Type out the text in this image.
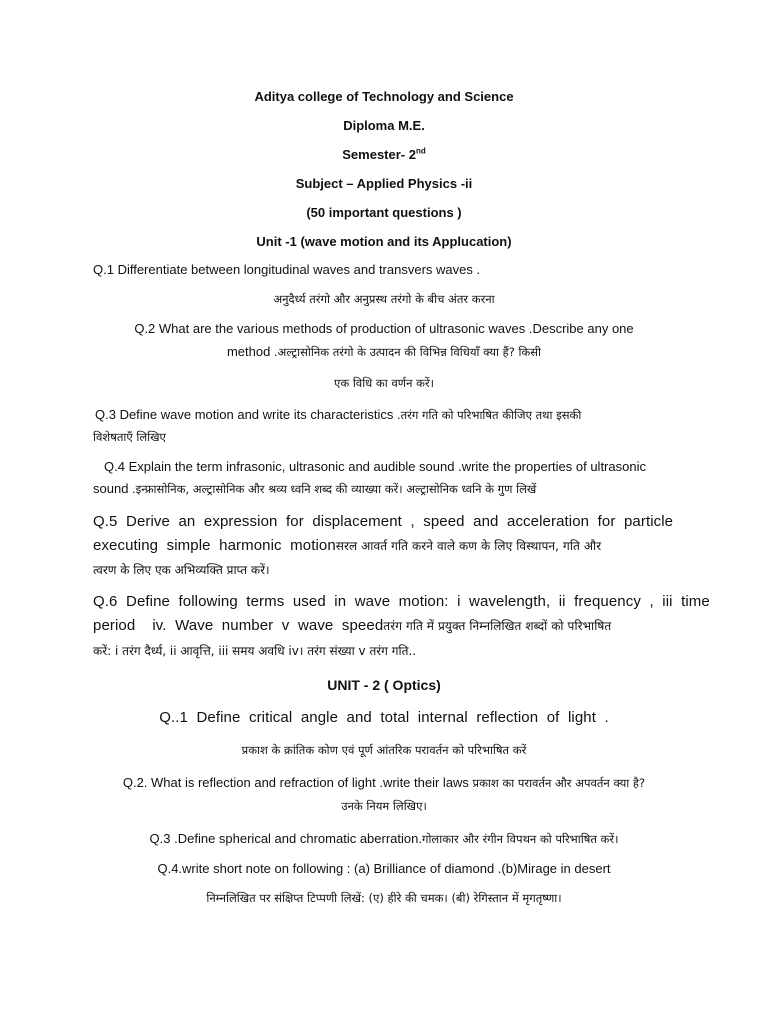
Aditya college of Technology and Science
Diploma M.E.
Semester- 2nd
Subject – Applied Physics -ii
(50 important questions )
Unit -1 (wave motion and its Applucation)
Q.1 Differentiate between longitudinal waves and transvers waves .
अनुदैर्ध्य तरंगो और अनुप्रस्थ तरंगो के बीच अंतर करना
Q.2 What are the various methods of production of ultrasonic waves .Describe any one
method .अल्ट्रासोनिक तरंगो के उत्पादन की विभिन्न विधियाँ क्या हैं? किसी
एक विधि का वर्णन करें।
Q.3 Define wave motion and write its characteristics .तरंग गति को परिभाषित कीजिए तथा इसकी
विशेषताएँ लिखिए
Q.4 Explain the term infrasonic, ultrasonic and audible sound .write the properties of ultrasonic
sound .इन्फ्रासोनिक, अल्ट्रासोनिक और श्रव्य ध्वनि शब्द की व्याख्या करें। अल्ट्रासोनिक ध्वनि के गुण लिखें
Q.5  Derive  an  expression  for  displacement  ,  speed  and  acceleration  for  particle
executing  simple  harmonic  motionसरल आवर्त गति करने वाले कण के लिए विस्थापन, गति और
त्वरण के लिए एक अभिव्यक्ति प्राप्त करें।
Q.6  Define  following  terms  used  in  wave  motion:  i  wavelength,  ii  frequency  ,  iii  time
period    iv.  Wave  number  v  wave  speedतरंग गति में प्रयुक्त निम्नलिखित शब्दों को परिभाषित
करें: i तरंग दैर्ध्य, ii आवृत्ति, iii समय अवधि iv। तरंग संख्या v तरंग गति..
UNIT - 2 ( Optics)
Q..1  Define  critical  angle  and  total  internal  reflection  of  light  .
प्रकाश के क्रांतिक कोण एवं पूर्ण आंतरिक परावर्तन को परिभाषित करें
Q.2. What is reflection and refraction of light .write their laws प्रकाश का परावर्तन और अपवर्तन क्या है?
उनके नियम लिखिए।
Q.3 .Define spherical and chromatic aberration.गोलाकार और रंगीन विपथन को परिभाषित करें।
Q.4.write short note on following : (a) Brilliance of diamond .(b)Mirage in desert
निम्नलिखित पर संक्षिप्त टिप्पणी लिखें: (ए) हीरे की चमक। (बी) रेगिस्तान में मृगतृष्णा।
